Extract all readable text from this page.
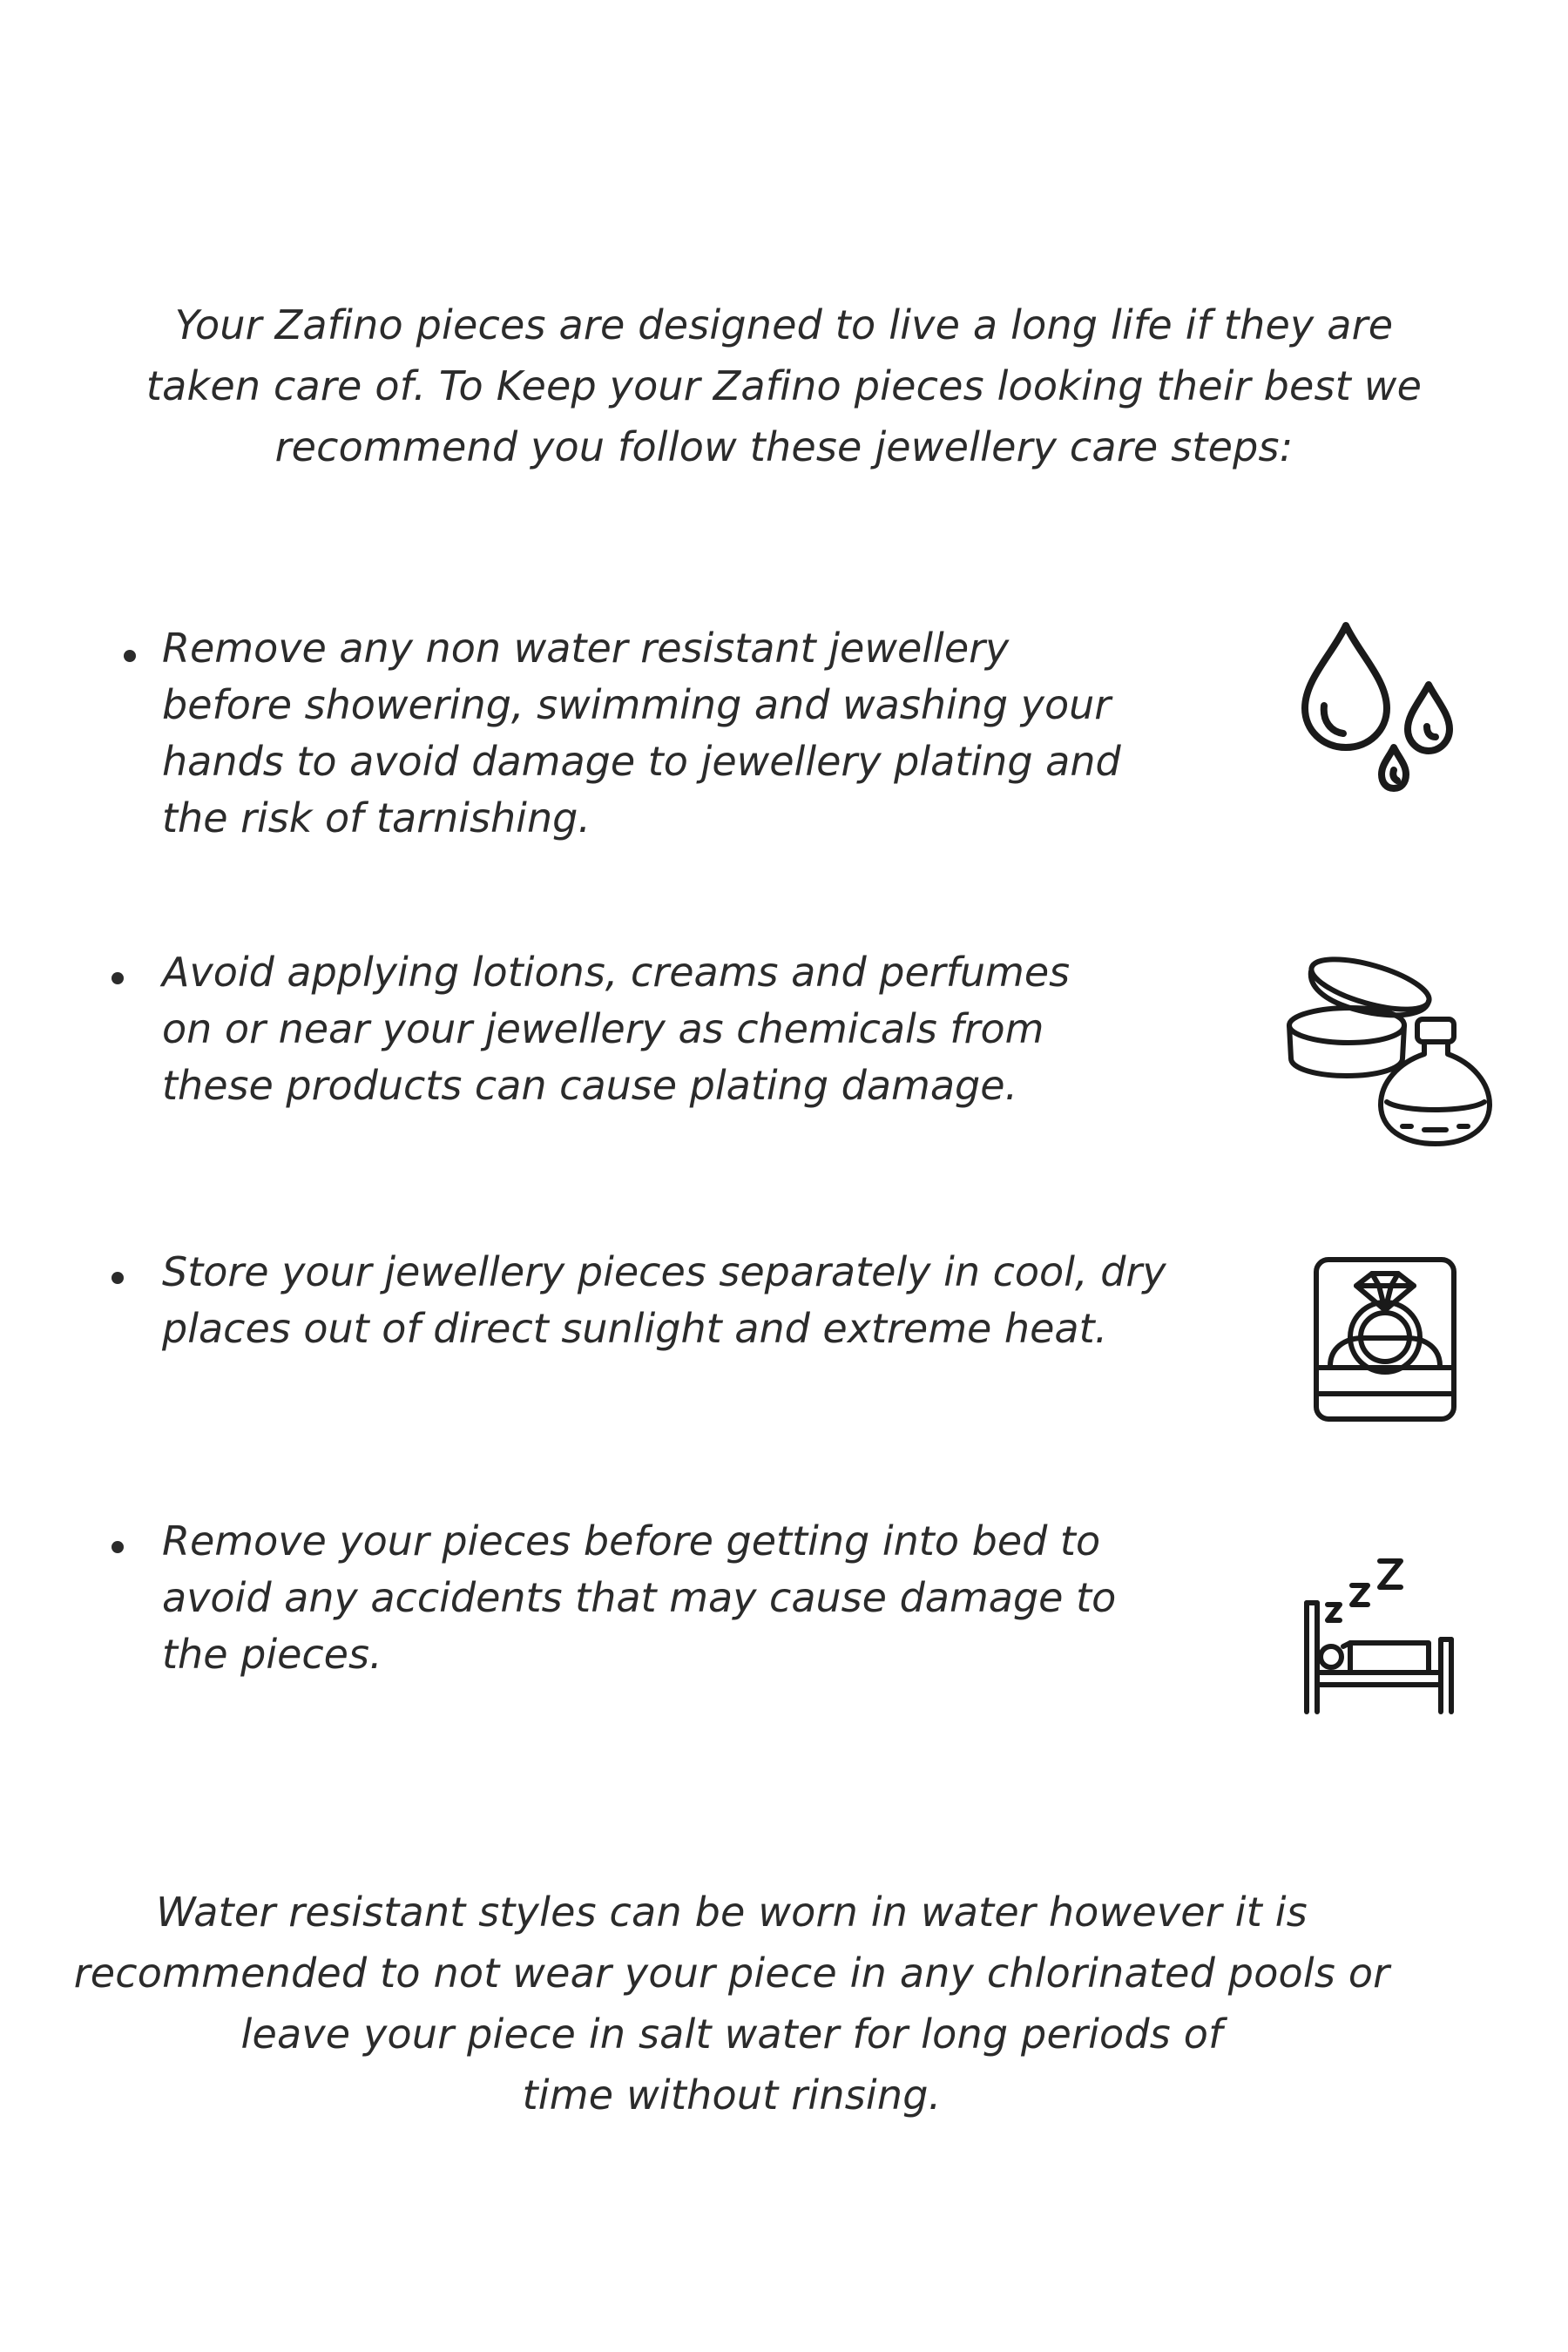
Your Zafino pieces are designed to live a long life if they are
taken care of. To Keep your Zafino pieces looking their best we
recommend you follow these jewellery care steps:
Remove any non water resistant jewellery
before showering, swimming and washing your
hands to avoid damage to jewellery plating and
the risk of tarnishing.
Avoid applying lotions, creams and perfumes
on or near your jewellery as chemicals from
these products can cause plating damage.
Store your jewellery pieces separately in cool, dry
places out of direct sunlight and extreme heat.
Remove your pieces before getting into bed to
avoid any accidents that may cause damage to
the pieces.
Water resistant styles can be worn in water however it is
recommended to not wear your piece in any chlorinated pools or
leave your piece in salt water for long periods of
time without rinsing.
